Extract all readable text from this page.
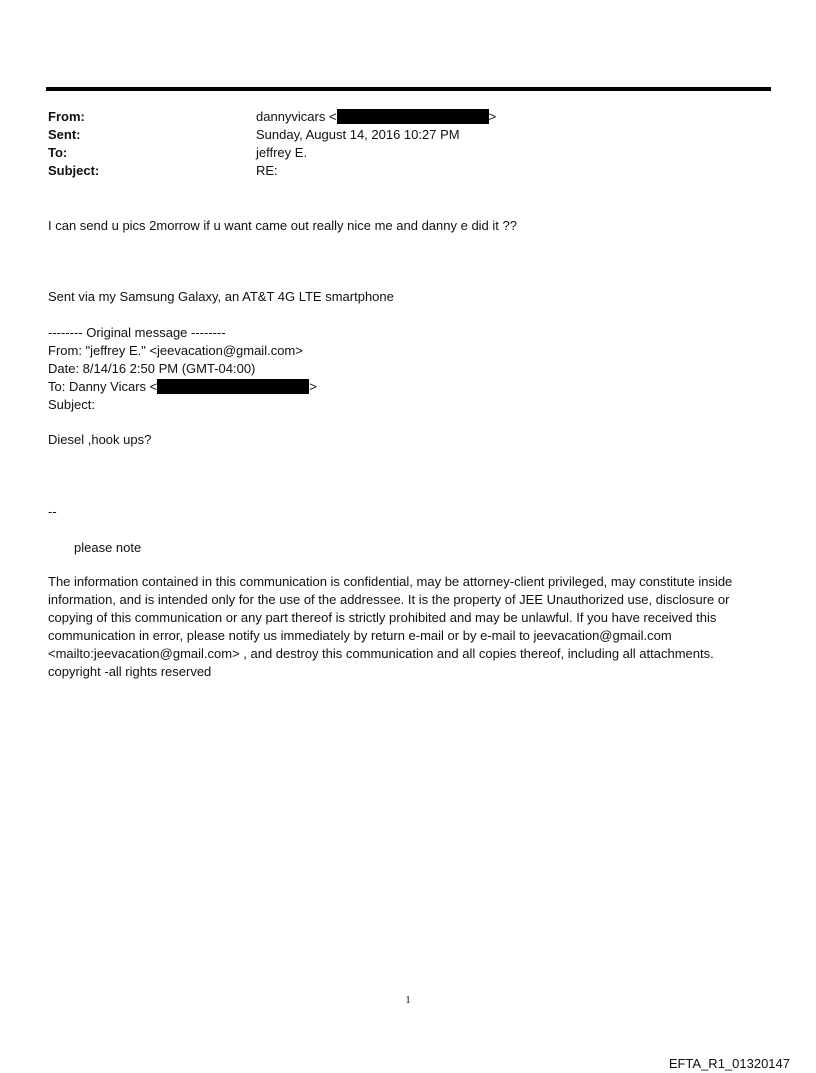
From:	dannyvicars <	>
Sent:	Sunday, August 14, 2016 10:27 PM
To:	jeffrey E.
Subject:	RE:
I can send u pics 2morrow if u want came out really nice me and danny e did it ??
Sent via my Samsung Galaxy, an AT&T 4G LTE smartphone
-------- Original message --------
From: "jeffrey E." <jeevacation@gmail.com>
Date: 8/14/16 2:50 PM (GMT-04:00)
To: Danny Vicars <	>
Subject:
Diesel ,hook ups?
--
please note
The information contained in this communication is confidential, may be attorney-client privileged, may constitute inside information, and is intended only for the use of the addressee. It is the property of JEE Unauthorized use, disclosure or copying of this communication or any part thereof is strictly prohibited and may be unlawful. If you have received this communication in error, please notify us immediately by return e-mail or by e-mail to jeevacation@gmail.com <mailto:jeevacation@gmail.com> , and destroy this communication and all copies thereof, including all attachments. copyright -all rights reserved
1
EFTA_R1_01320147
